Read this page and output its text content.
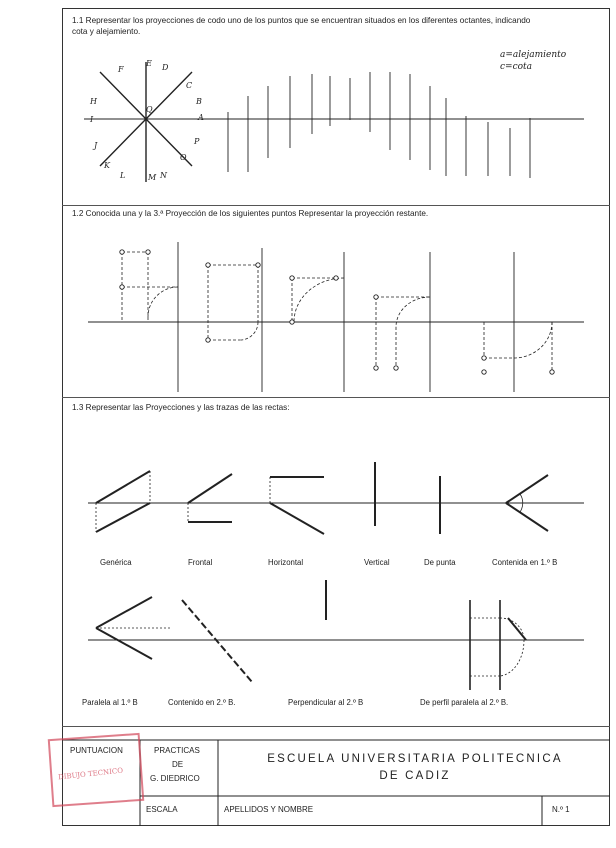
1.1 Representar los proyecciones de codo uno de los puntos que se encuentran situados en los diferentes octantes, indicando
cota y alejamiento.
a=alejamiento
c=cota
1.2 Conocida una y la 3.ª Proyección de los siguientes puntos Representar la proyección restante.
1.3 Representar las Proyecciones y las trazas de las rectas:
F
E D
C
B
A
H
I
J
K
L	M N
O
P
Q
Genérica	Frontal	Horizontal	Vertical	De punta	Contenida en 1.º B
Paralela al 1.º B	Contenido en 2.º B.	Perpendicular al 2.º B	De perfil paralela al 2.º B.
PUNTUACION	PRACTICAS
DE
G. DIEDRICO
ESCUELA UNIVERSITARIA POLITECNICA
DE CADIZ
ESCALA	APELLIDOS Y NOMBRE	N.º 1
DIBUJO TECNICO
